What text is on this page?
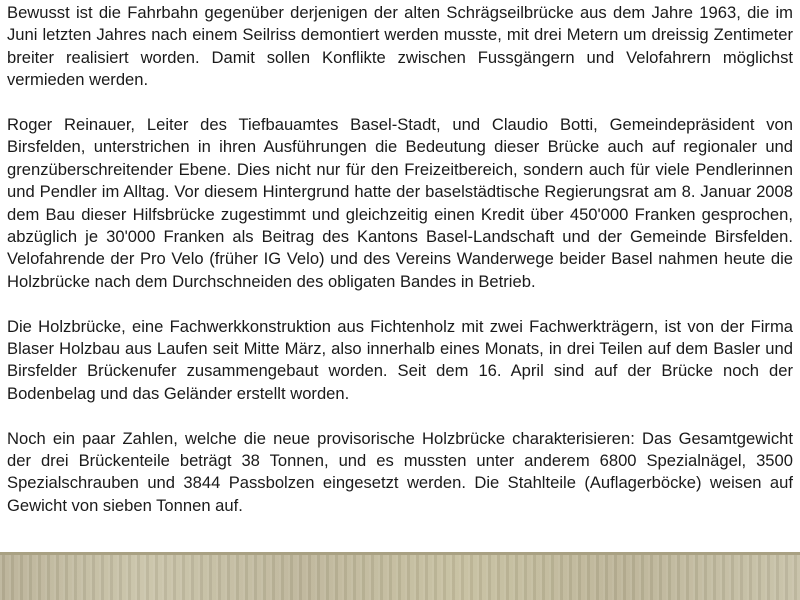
Bewusst ist die Fahrbahn gegenüber derjenigen der alten Schrägseilbrücke aus dem Jahre 1963, die im Juni letzten Jahres nach einem Seilriss demontiert werden musste, mit drei Metern um dreissig Zentimeter breiter realisiert worden. Damit sollen Konflikte zwischen Fussgängern und Velofahrern möglichst vermieden werden.

Roger Reinauer, Leiter des Tiefbauamtes Basel-Stadt, und Claudio Botti, Gemeindepräsident von Birsfelden, unterstrichen in ihren Ausführungen die Bedeutung dieser Brücke auch auf regionaler und grenzüberschreitender Ebene. Dies nicht nur für den Freizeitbereich, sondern auch für viele Pendlerinnen und Pendler im Alltag. Vor diesem Hintergrund hatte der baselstädtische Regierungsrat am 8. Januar 2008 dem Bau dieser Hilfsbrücke zugestimmt und gleichzeitig einen Kredit über 450'000 Franken gesprochen, abzüglich je 30'000 Franken als Beitrag des Kantons Basel-Landschaft und der Gemeinde Birsfelden. Velofahrende der Pro Velo (früher IG Velo) und des Vereins Wanderwege beider Basel nahmen heute die Holzbrücke nach dem Durchschneiden des obligaten Bandes in Betrieb.

Die Holzbrücke, eine Fachwerkkonstruktion aus Fichtenholz mit zwei Fachwerkträgern, ist von der Firma Blaser Holzbau aus Laufen seit Mitte März, also innerhalb eines Monats, in drei Teilen auf dem Basler und Birsfelder Brückenufer zusammengebaut worden. Seit dem 16. April sind auf der Brücke noch der Bodenbelag und das Geländer erstellt worden.

Noch ein paar Zahlen, welche die neue provisorische Holzbrücke charakterisieren: Das Gesamtgewicht der drei Brückenteile beträgt 38 Tonnen, und es mussten unter anderem 6800 Spezialnägel, 3500 Spezialschrauben und 3844 Passbolzen eingesetzt werden. Die Stahlteile (Auflagerböcke) weisen auf Gewicht von sieben Tonnen auf.
